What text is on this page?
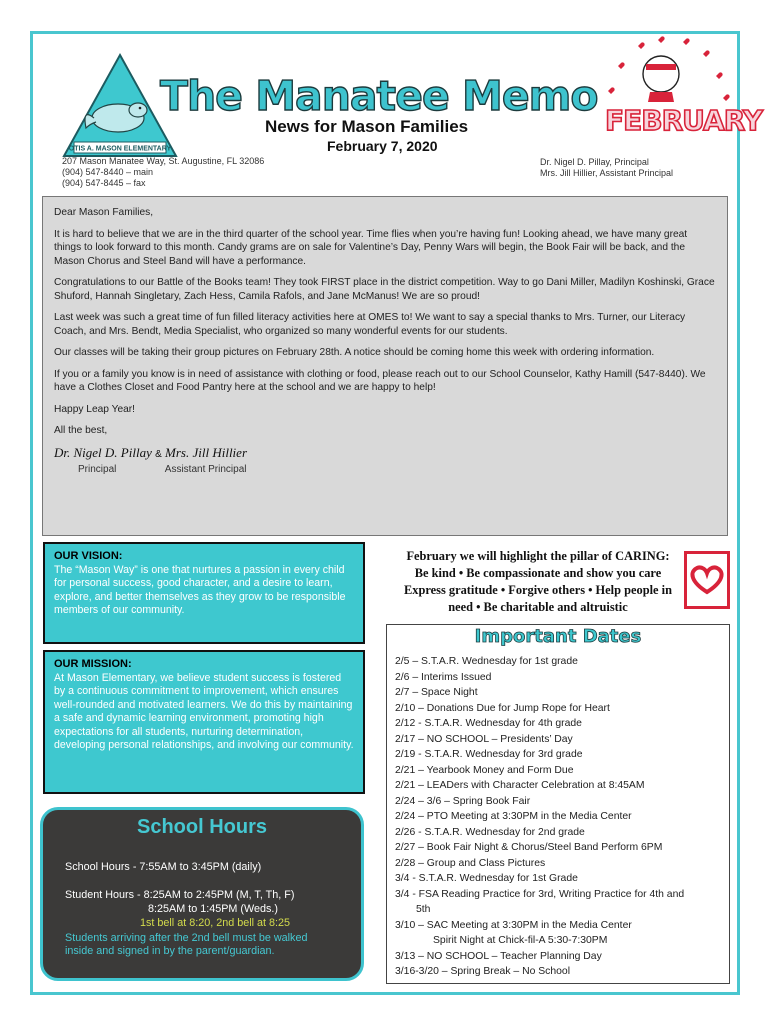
OTIS A. MASON ELEMENTARY
The Manatee Memo
News for Mason Families
February 7, 2020
FEBRUARY
207 Mason Manatee Way, St. Augustine, FL 32086
(904) 547-8440 – main
(904) 547-8445 – fax
Dr. Nigel D. Pillay, Principal
Mrs. Jill Hillier, Assistant Principal

Dear Mason Families,

It is hard to believe that we are in the third quarter of the school year. Time flies when you’re having fun! Looking ahead, we have many great things to look forward to this month. Candy grams are on sale for Valentine’s Day, Penny Wars will begin, the Book Fair will be back, and the Mason Chorus and Steel Band will have a performance.

Congratulations to our Battle of the Books team! They took FIRST place in the district competition. Way to go Dani Miller, Madilyn Koshinski, Grace Shuford, Hannah Singletary, Zach Hess, Camila Rafols, and Jane McManus! We are so proud!

Last week was such a great time of fun filled literacy activities here at OMES to! We want to say a special thanks to Mrs. Turner, our Literacy Coach, and Mrs. Bendt, Media Specialist, who organized so many wonderful events for our students.

Our classes will be taking their group pictures on February 28th. A notice should be coming home this week with ordering information.

If you or a family you know is in need of assistance with clothing or food, please reach out to our School Counselor, Kathy Hamill (547-8440). We have a Clothes Closet and Food Pantry here at the school and we are happy to help!

Happy Leap Year!

All the best,

Dr. Nigel D. Pillay & Mrs. Jill Hillier
Principal	Assistant Principal
OUR VISION:
The “Mason Way” is one that nurtures a passion in every child for personal success, good character, and a desire to learn, explore, and better themselves as they grow to be responsible members of our community.
OUR MISSION:
At Mason Elementary, we believe student success is fostered by a continuous commitment to improvement, which ensures well-rounded and motivated learners. We do this by maintaining a safe and dynamic learning environment, promoting high expectations for all students, nurturing determination, developing personal relationships, and involving our community.
School Hours
School Hours - 7:55AM to 3:45PM (daily)
Student Hours - 8:25AM to 2:45PM (M, T, Th, F)
8:25AM to 1:45PM (Weds.)
1st bell at 8:20, 2nd bell at 8:25
Students arriving after the 2nd bell must be walked
inside and signed in by the parent/guardian.
February we will highlight the pillar of CARING:
Be kind • Be compassionate and show you care
Express gratitude • Forgive others • Help people in
need • Be charitable and altruistic
Important Dates
2/5 – S.T.A.R. Wednesday for 1st grade
2/6 – Interims Issued
2/7 – Space Night
2/10 – Donations Due for Jump Rope for Heart
2/12 - S.T.A.R. Wednesday for 4th grade
2/17 – NO SCHOOL – Presidents’ Day
2/19 - S.T.A.R. Wednesday for 3rd grade
2/21 – Yearbook Money and Form Due
2/21 – LEADers with Character Celebration at 8:45AM
2/24 – 3/6 – Spring Book Fair
2/24 – PTO Meeting at 3:30PM in the Media Center
2/26 - S.T.A.R. Wednesday for 2nd grade
2/27 – Book Fair Night & Chorus/Steel Band Perform 6PM
2/28 – Group and Class Pictures
3/4 - S.T.A.R. Wednesday for 1st Grade
3/4 - FSA Reading Practice for 3rd, Writing Practice for 4th and
5th
3/10 – SAC Meeting at 3:30PM in the Media Center
Spirit Night at Chick-fil-A 5:30-7:30PM
3/13 – NO SCHOOL – Teacher Planning Day
3/16-3/20 – Spring Break – No School
